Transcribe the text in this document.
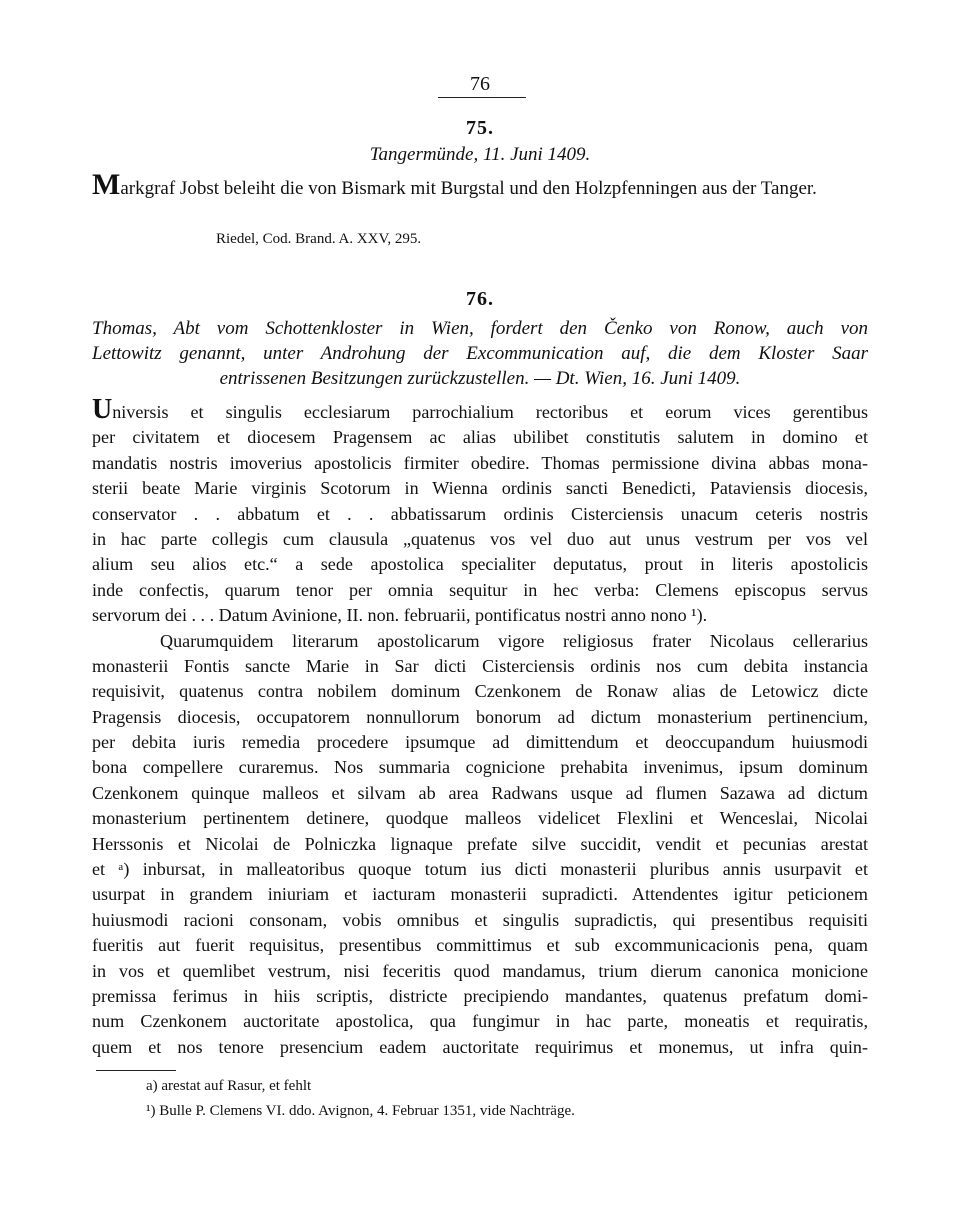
76
75.
Tangermünde, 11. Juni 1409.
Markgraf Jobst beleiht die von Bismark mit Burgstal und den Holzpfenningen aus der Tanger.
Riedel, Cod. Brand. A. XXV, 295.
76.
Thomas, Abt vom Schottenkloster in Wien, fordert den Čenko von Ronow, auch von
Lettowitz genannt, unter Androhung der Excommunication auf, die dem Kloster Saar
entrissenen Besitzungen zurückzustellen. — Dt. Wien, 16. Juni 1409.
Universis et singulis ecclesiarum parrochialium rectoribus et eorum vices gerentibus
per civitatem et diocesem Pragensem ac alias ubilibet constitutis salutem in domino et
mandatis nostris imoverius apostolicis firmiter obedire. Thomas permissione divina abbas mona-
sterii beate Marie virginis Scotorum in Wienna ordinis sancti Benedicti, Pataviensis diocesis,
conservator . . abbatum et . . abbatissarum ordinis Cisterciensis unacum ceteris nostris
in hac parte collegis cum clausula „quatenus vos vel duo aut unus vestrum per vos vel
alium seu alios etc.“ a sede apostolica specialiter deputatus, prout in literis apostolicis
inde confectis, quarum tenor per omnia sequitur in hec verba: Clemens episcopus servus
servorum dei . . . Datum Avinione, II. non. februarii, pontificatus nostri anno nono ¹).
Quarumquidem literarum apostolicarum vigore religiosus frater Nicolaus cellerarius
monasterii Fontis sancte Marie in Sar dicti Cisterciensis ordinis nos cum debita instancia
requisivit, quatenus contra nobilem dominum Czenkonem de Ronaw alias de Letowicz dicte
Pragensis diocesis, occupatorem nonnullorum bonorum ad dictum monasterium pertinencium,
per debita iuris remedia procedere ipsumque ad dimittendum et deoccupandum huiusmodi
bona compellere curaremus. Nos summaria cognicione prehabita invenimus, ipsum dominum
Czenkonem quinque malleos et silvam ab area Radwans usque ad flumen Sazawa ad dictum
monasterium pertinentem detinere, quodque malleos videlicet Flexlini et Wenceslai, Nicolai
Herssonis et Nicolai de Polniczka lignaque prefate silve succidit, vendit et pecunias arestat
et ᵃ) inbursat, in malleatoribus quoque totum ius dicti monasterii pluribus annis usurpavit et
usurpat in grandem iniuriam et iacturam monasterii supradicti. Attendentes igitur peticionem
huiusmodi racioni consonam, vobis omnibus et singulis supradictis, qui presentibus requisiti
fueritis aut fuerit requisitus, presentibus committimus et sub excommunicacionis pena, quam
in vos et quemlibet vestrum, nisi feceritis quod mandamus, trium dierum canonica monicione
premissa ferimus in hiis scriptis, districte precipiendo mandantes, quatenus prefatum domi-
num Czenkonem auctoritate apostolica, qua fungimur in hac parte, moneatis et requiratis,
quem et nos tenore presencium eadem auctoritate requirimus et monemus, ut infra quin-
a) arestat auf Rasur, et fehlt
¹) Bulle P. Clemens VI. ddo. Avignon, 4. Februar 1351, vide Nachträge.
